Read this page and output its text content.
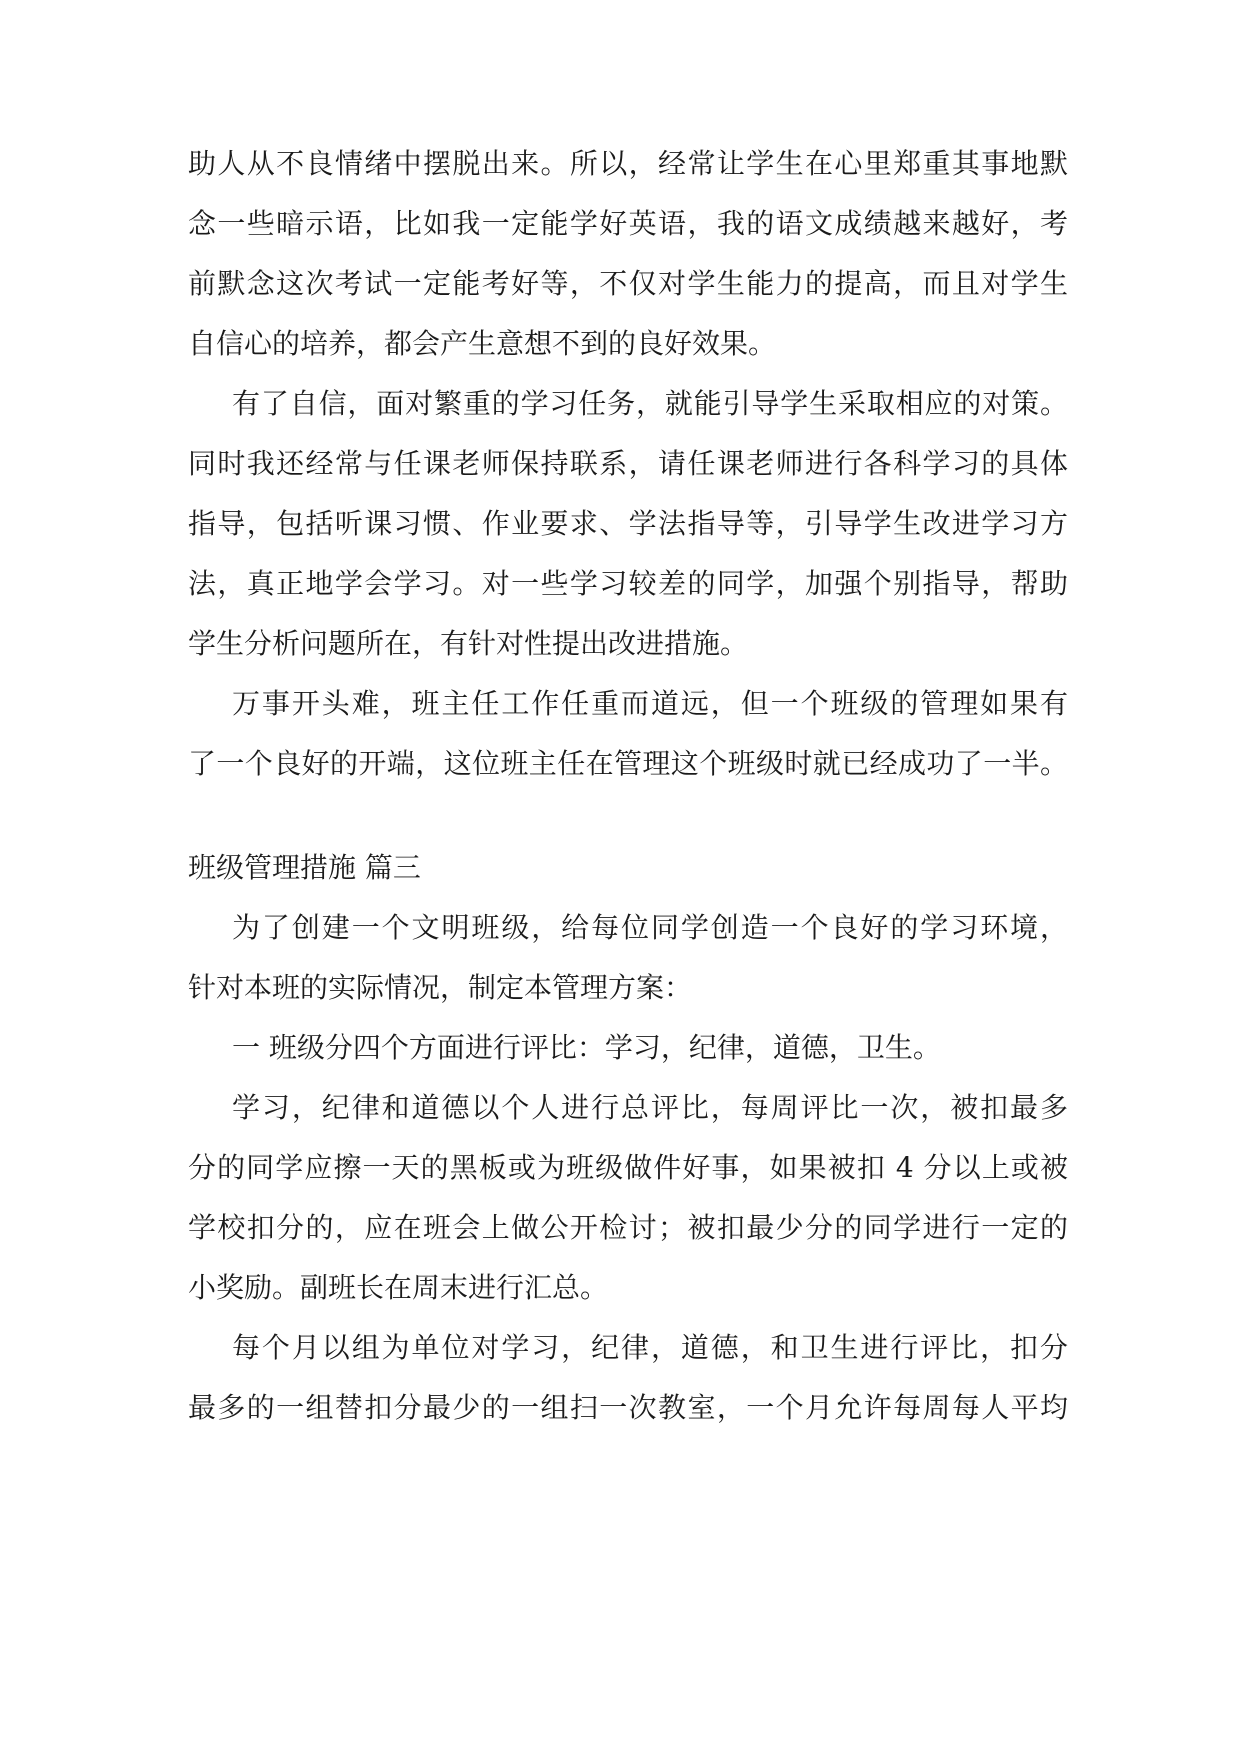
助人从不良情绪中摆脱出来。所以，经常让学生在心里郑重其事地默
念一些暗示语，比如我一定能学好英语，我的语文成绩越来越好，考
前默念这次考试一定能考好等，不仅对学生能力的提高，而且对学生
自信心的培养，都会产生意想不到的良好效果。
有了自信，面对繁重的学习任务，就能引导学生采取相应的对策。
同时我还经常与任课老师保持联系，请任课老师进行各科学习的具体
指导，包括听课习惯、作业要求、学法指导等，引导学生改进学习方
法，真正地学会学习。对一些学习较差的同学，加强个别指导，帮助
学生分析问题所在，有针对性提出改进措施。
万事开头难，班主任工作任重而道远，但一个班级的管理如果有
了一个良好的开端，这位班主任在管理这个班级时就已经成功了一半。
班级管理措施 篇三
为了创建一个文明班级，给每位同学创造一个良好的学习环境，
针对本班的实际情况，制定本管理方案：
一 班级分四个方面进行评比：学习，纪律，道德，卫生。
学习，纪律和道德以个人进行总评比，每周评比一次，被扣最多
分的同学应擦一天的黑板或为班级做件好事，如果被扣 4 分以上或被
学校扣分的，应在班会上做公开检讨；被扣最少分的同学进行一定的
小奖励。副班长在周末进行汇总。
每个月以组为单位对学习，纪律，道德，和卫生进行评比，扣分
最多的一组替扣分最少的一组扫一次教室，一个月允许每周每人平均
